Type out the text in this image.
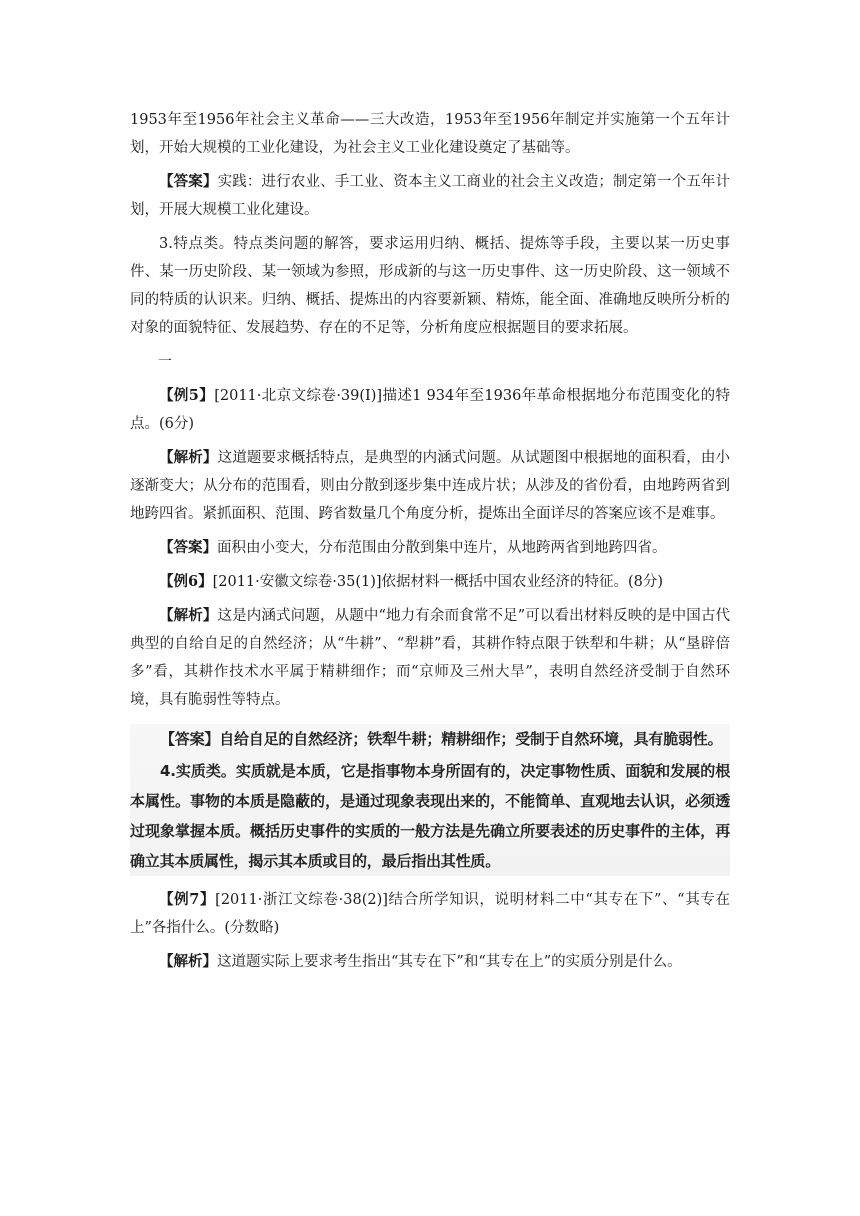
1953年至1956年社会主义革命——三大改造，1953年至1956年制定并实施第一个五年计划，开始大规模的工业化建设，为社会主义工业化建设奠定了基础等。

【答案】实践：进行农业、手工业、资本主义工商业的社会主义改造；制定第一个五年计划，开展大规模工业化建设。

3.特点类。特点类问题的解答，要求运用归纳、概括、提炼等手段，主要以某一历史事件、某一历史阶段、某一领域为参照，形成新的与这一历史事件、这一历史阶段、这一领域不同的特质的认识来。归纳、概括、提炼出的内容要新颖、精炼，能全面、准确地反映所分析的对象的面貌特征、发展趋势、存在的不足等，分析角度应根据题目的要求拓展。

一

【例5】[2011·北京文综卷·39(I)]描述1 934年至1936年革命根据地分布范围变化的特点。(6分)

【解析】这道题要求概括特点，是典型的内涵式问题。从试题图中根据地的面积看，由小逐渐变大；从分布的范围看，则由分散到逐步集中连成片状；从涉及的省份看，由地跨两省到地跨四省。紧抓面积、范围、跨省数量几个角度分析，提炼出全面详尽的答案应该不是难事。

【答案】面积由小变大，分布范围由分散到集中连片，从地跨两省到地跨四省。

【例6】[2011·安徽文综卷·35(1)]依据材料一概括中国农业经济的特征。(8分)

【解析】这是内涵式问题，从题中“地力有余而食常不足”可以看出材料反映的是中国古代典型的自给自足的自然经济；从“牛耕”、“犁耕”看，其耕作特点限于铁犁和牛耕；从“垦辟倍多”看，其耕作技术水平属于精耕细作；而“京师及三州大旱”，表明自然经济受制于自然环境，具有脆弱性等特点。

【答案】自给自足的自然经济；铁犁牛耕；精耕细作；受制于自然环境，具有脆弱性。

4.实质类。实质就是本质，它是指事物本身所固有的，决定事物性质、面貌和发展的根本属性。事物的本质是隐蔽的，是通过现象表现出来的，不能简单、直观地去认识，必须透过现象掌握本质。概括历史事件的实质的一般方法是先确立所要表述的历史事件的主体，再确立其本质属性，揭示其本质或目的，最后指出其性质。

【例7】[2011·浙江文综卷·38(2)]结合所学知识，说明材料二中“其专在下”、“其专在上”各指什么。(分数略)

【解析】这道题实际上要求考生指出“其专在下”和“其专在上”的实质分别是什么。
